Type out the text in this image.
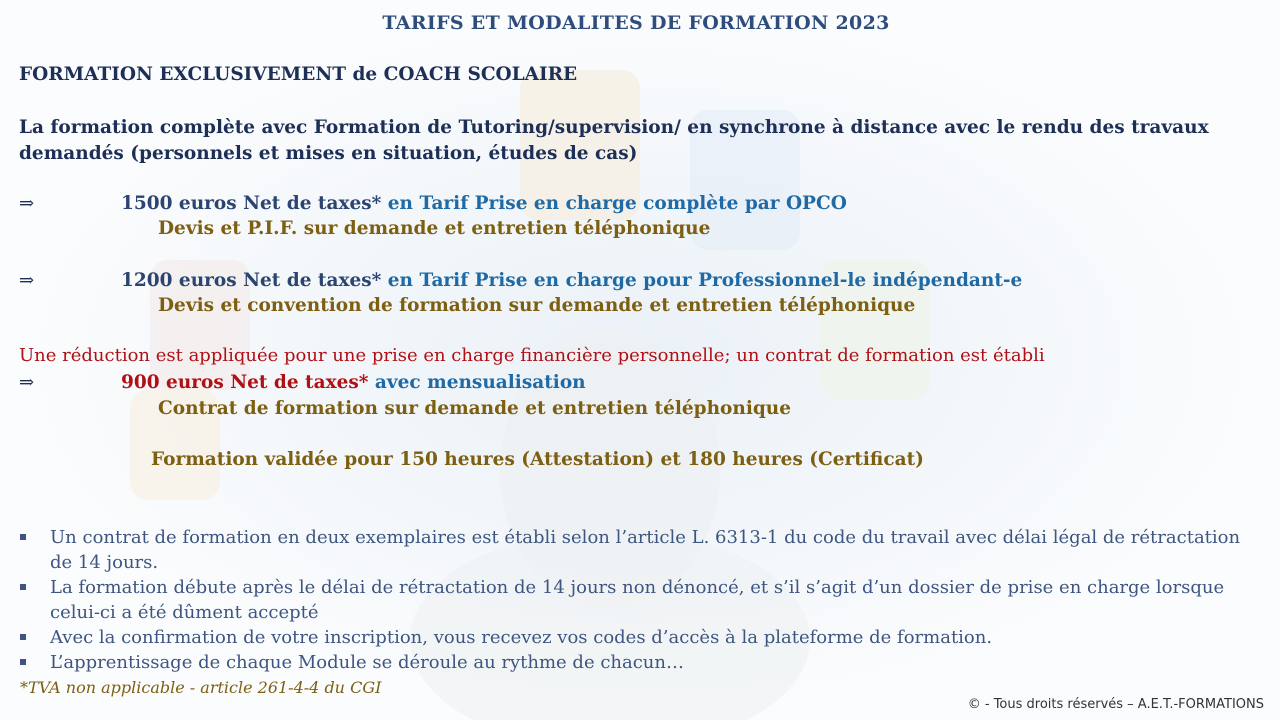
TARIFS ET MODALITES DE FORMATION 2023
FORMATION EXCLUSIVEMENT de COACH SCOLAIRE
La formation complète avec Formation de Tutoring/supervision/ en synchrone à distance avec le rendu des travaux demandés (personnels et mises en situation, études de cas)
⇒	1500 euros Net de taxes* en Tarif Prise en charge complète par OPCO
Devis et P.I.F. sur demande et entretien téléphonique
⇒	1200 euros Net de taxes* en Tarif Prise en charge pour Professionnel-le indépendant-e
Devis et convention de formation sur demande et entretien téléphonique
Une réduction est appliquée pour une prise en charge financière personnelle; un contrat de formation est établi
⇒	900 euros Net de taxes* avec mensualisation
Contrat de formation sur demande et entretien téléphonique
Formation validée pour 150 heures (Attestation) et 180 heures (Certificat)
Un contrat de formation en deux exemplaires est établi selon l’article L. 6313-1 du code du travail avec délai légal de rétractation de 14 jours.
La formation débute après le délai de rétractation de 14 jours non dénoncé, et s’il s’agit d’un dossier de prise en charge lorsque celui-ci a été dûment accepté
Avec la confirmation de votre inscription, vous recevez vos codes d’accès à la plateforme de formation.
L’apprentissage de chaque Module se déroule au rythme de chacun…
*TVA non applicable - article 261-4-4 du CGI
© - Tous droits réservés – A.E.T.-FORMATIONS
